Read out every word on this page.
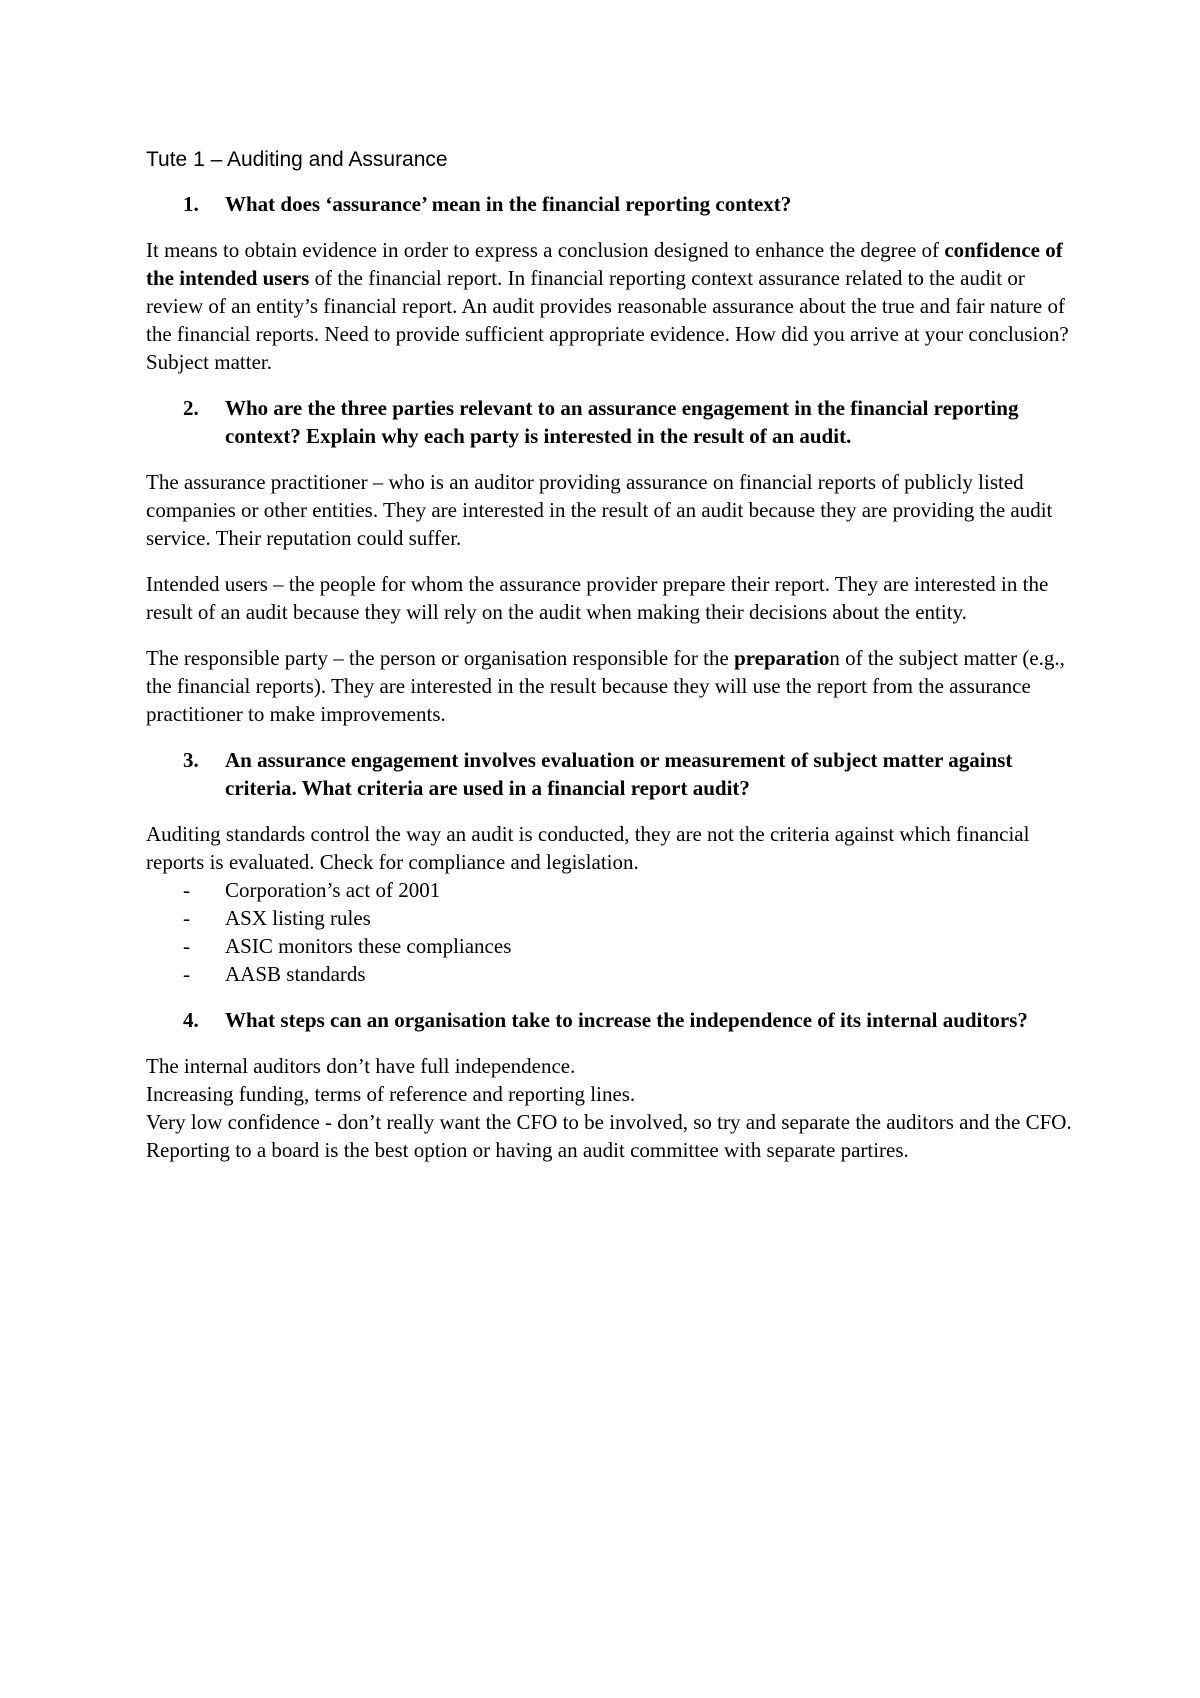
Tute 1 – Auditing and Assurance
1.	What does ‘assurance’ mean in the financial reporting context?

It means to obtain evidence in order to express a conclusion designed to enhance the degree of confidence of the intended users of the financial report. In financial reporting context assurance related to the audit or review of an entity’s financial report. An audit provides reasonable assurance about the true and fair nature of the financial reports. Need to provide sufficient appropriate evidence. How did you arrive at your conclusion? Subject matter.

2.	Who are the three parties relevant to an assurance engagement in the financial reporting context? Explain why each party is interested in the result of an audit.

The assurance practitioner – who is an auditor providing assurance on financial reports of publicly listed companies or other entities. They are interested in the result of an audit because they are providing the audit service. Their reputation could suffer.

Intended users – the people for whom the assurance provider prepare their report. They are interested in the result of an audit because they will rely on the audit when making their decisions about the entity.

The responsible party – the person or organisation responsible for the preparation of the subject matter (e.g., the financial reports). They are interested in the result because they will use the report from the assurance practitioner to make improvements.

3.	An assurance engagement involves evaluation or measurement of subject matter against criteria. What criteria are used in a financial report audit?

Auditing standards control the way an audit is conducted, they are not the criteria against which financial reports is evaluated. Check for compliance and legislation.

-	Corporation’s act of 2001
-	ASX listing rules
-	ASIC monitors these compliances
-	AASB standards
4.	What steps can an organisation take to increase the independence of its internal auditors?

The internal auditors don’t have full independence.

Increasing funding, terms of reference and reporting lines.

Very low confidence - don’t really want the CFO to be involved, so try and separate the auditors and the CFO. Reporting to a board is the best option or having an audit committee with separate partires.
